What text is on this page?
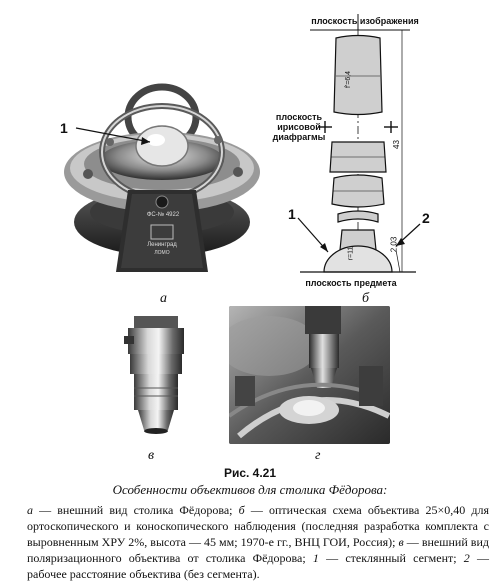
ФС-№ 4922
Ленинград
ЛОМО
1
а
плоскость изображения
плоскость ирисовой диафрагмы
плоскость предмета
43
2,03
f'=6,4
r=11
1	2
б
в	г
Рис. 4.21
Особенности объективов для столика Фёдорова:
а — внешний вид столика Фёдорова; б — оптическая схема объектива 25×0,40 для ортоскопического и коноскопического наблюдения (последняя разработка комплекта с выровненным ХРУ 2%, высота — 45 мм; 1970-е гг., ВНЦ ГОИ, Россия); в — внешний вид поляризационного объектива от столика Фёдорова; 1 — стеклянный сегмент; 2 — рабочее расстояние объектива (без сегмента).
